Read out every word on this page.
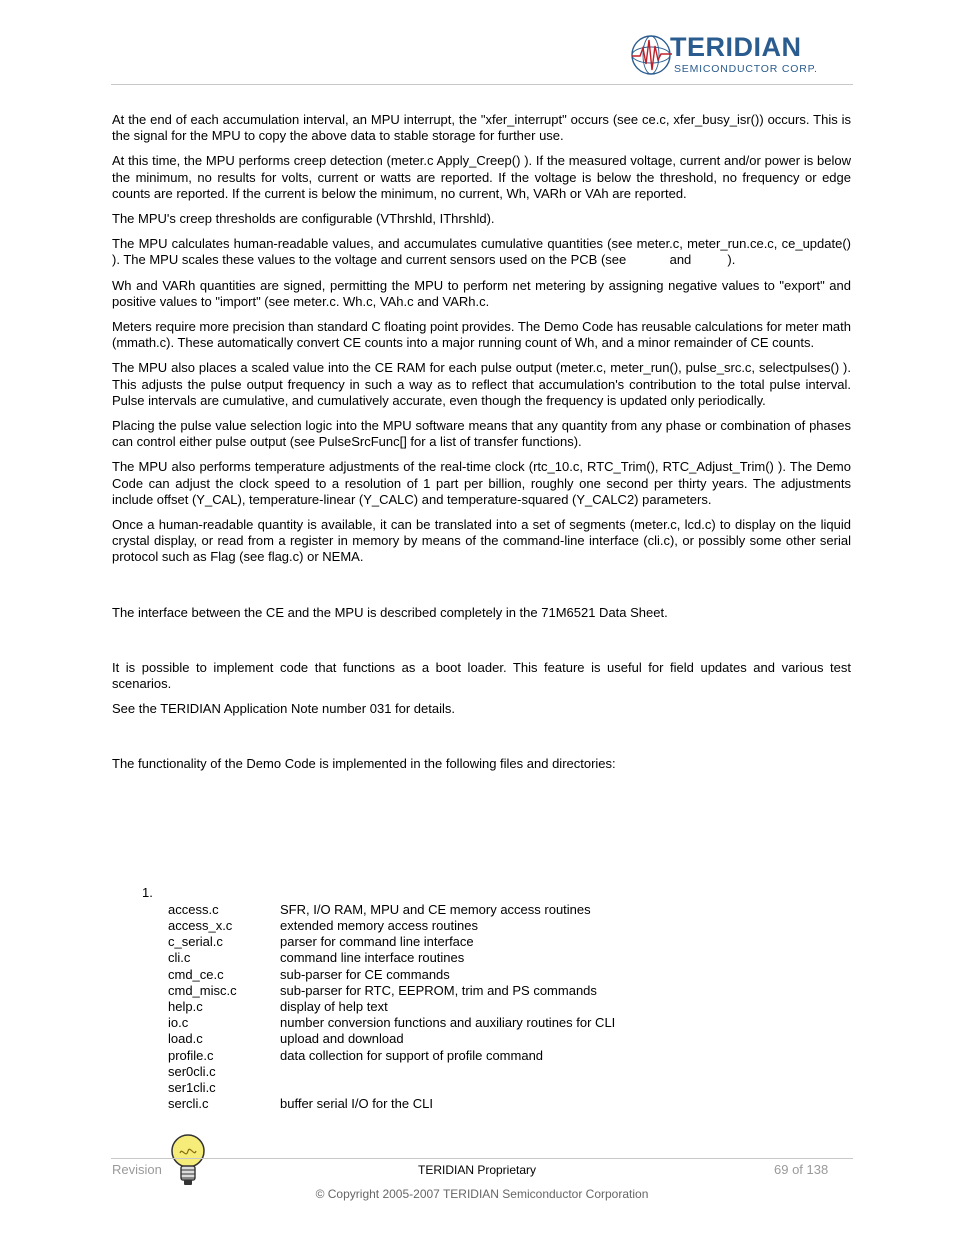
TERIDIAN
SEMICONDUCTOR CORP.

At the end of each accumulation interval, an MPU interrupt, the "xfer_interrupt" occurs (see ce.c, xfer_busy_isr()) occurs. This is the signal for the MPU to copy the above data to stable storage for further use.

At this time, the MPU performs creep detection (meter.c Apply_Creep() ). If the measured voltage, current and/or power is below the minimum, no results for volts, current or watts are reported. If the voltage is below the threshold, no frequency or edge counts are reported. If the current is below the minimum, no current, Wh, VARh or VAh are reported.

The MPU's creep thresholds are configurable (VThrshld, IThrshld).

The MPU calculates human-readable values, and accumulates cumulative quantities (see meter.c, meter_run.ce.c, ce_update() ). The MPU scales these values to the voltage and current sensors used on the PCB (see            and          ).

Wh and VARh quantities are signed, permitting the MPU to perform net metering by assigning negative values to "export" and positive values to "import" (see meter.c. Wh.c, VAh.c and VARh.c.

Meters require more precision than standard C floating point provides. The Demo Code has reusable calculations for meter math (mmath.c). These automatically convert CE counts into a major running count of Wh, and a minor remainder of CE counts.

The MPU also places a scaled value into the CE RAM for each pulse output (meter.c, meter_run(), pulse_src.c, selectpulses() ). This adjusts the pulse output frequency in such a way as to reflect that accumulation's contribution to the total pulse interval. Pulse intervals are cumulative, and cumulatively accurate, even though the frequency is updated only periodically.

Placing the pulse value selection logic into the MPU software means that any quantity from any phase or combination of phases can control either pulse output (see PulseSrcFunc[] for a list of transfer functions).

The MPU also performs temperature adjustments of the real-time clock (rtc_10.c, RTC_Trim(), RTC_Adjust_Trim() ). The Demo Code can adjust the clock speed to a resolution of 1 part per billion, roughly one second per thirty years. The adjustments include offset (Y_CAL), temperature-linear (Y_CALC) and temperature-squared (Y_CALC2) parameters.

Once a human-readable quantity is available, it can be translated into a set of segments (meter.c, lcd.c) to display on the liquid crystal display, or read from a register in memory by means of the command-line interface (cli.c), or possibly some other serial protocol such as Flag (see flag.c) or NEMA.

The interface between the CE and the MPU is described completely in the 71M6521 Data Sheet.

It is possible to implement code that functions as a boot loader. This feature is useful for field updates and various test scenarios.

See the TERIDIAN Application Note number 031 for details.

The functionality of the Demo Code is implemented in the following files and directories:

1.
access.c	SFR, I/O RAM, MPU and CE memory access routines
access_x.c	extended memory access routines
c_serial.c	parser for command line interface
cli.c	command line interface routines
cmd_ce.c	sub-parser for CE commands
cmd_misc.c	sub-parser for RTC, EEPROM, trim and PS commands
help.c	display of help text
io.c	number conversion functions and auxiliary routines for CLI
load.c	upload and download
profile.c	data collection for support of profile command
ser0cli.c
ser1cli.c
sercli.c	buffer serial I/O for the CLI
Revision	TERIDIAN Proprietary	69 of 138
© Copyright 2005-2007 TERIDIAN Semiconductor Corporation
